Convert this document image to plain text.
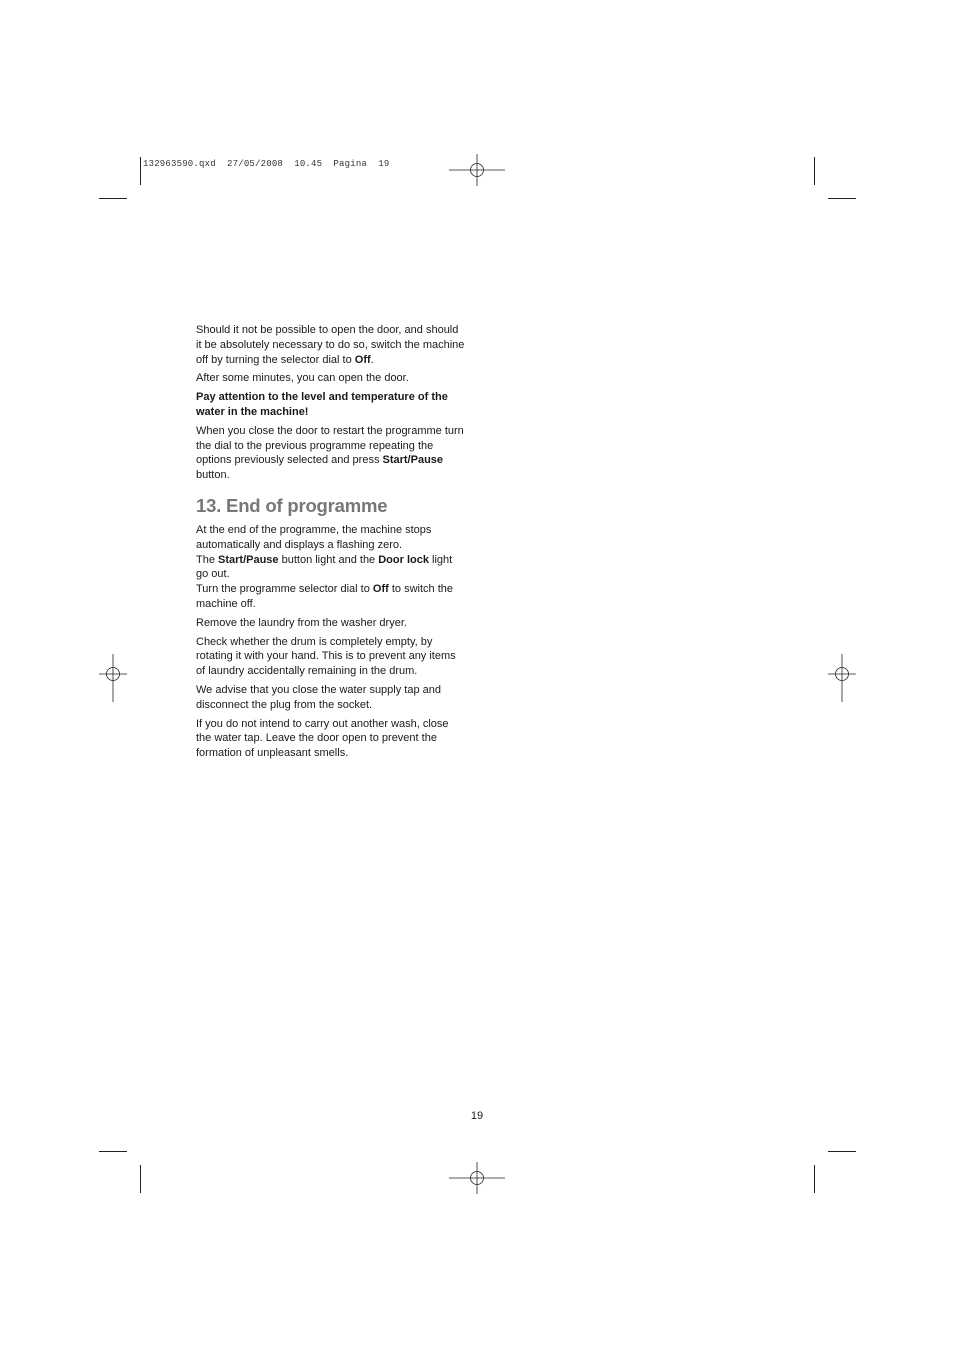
132963590.qxd  27/05/2008  10.45  Pagina  19

Should it not be possible to open the door, and should it be absolutely necessary to do so, switch the machine off by turning the selector dial to Off.

After some minutes, you can open the door.

Pay attention to the level and temperature of the water in the machine!

When you close the door to restart the programme turn the dial to the previous programme repeating the options previously selected and press Start/Pause button.

13. End of programme

At the end of the programme, the machine stops automatically and displays a flashing zero.
The Start/Pause button light and the Door lock light go out.
Turn the programme selector dial to Off to switch the machine off.

Remove the laundry from the washer dryer.

Check whether the drum is completely empty, by rotating it with your hand. This is to prevent any items of laundry accidentally remaining in the drum.

We advise that you close the water supply tap and disconnect the plug from the socket.

If you do not intend to carry out another wash, close the water tap. Leave the door open to prevent the formation of unpleasant smells.

19
